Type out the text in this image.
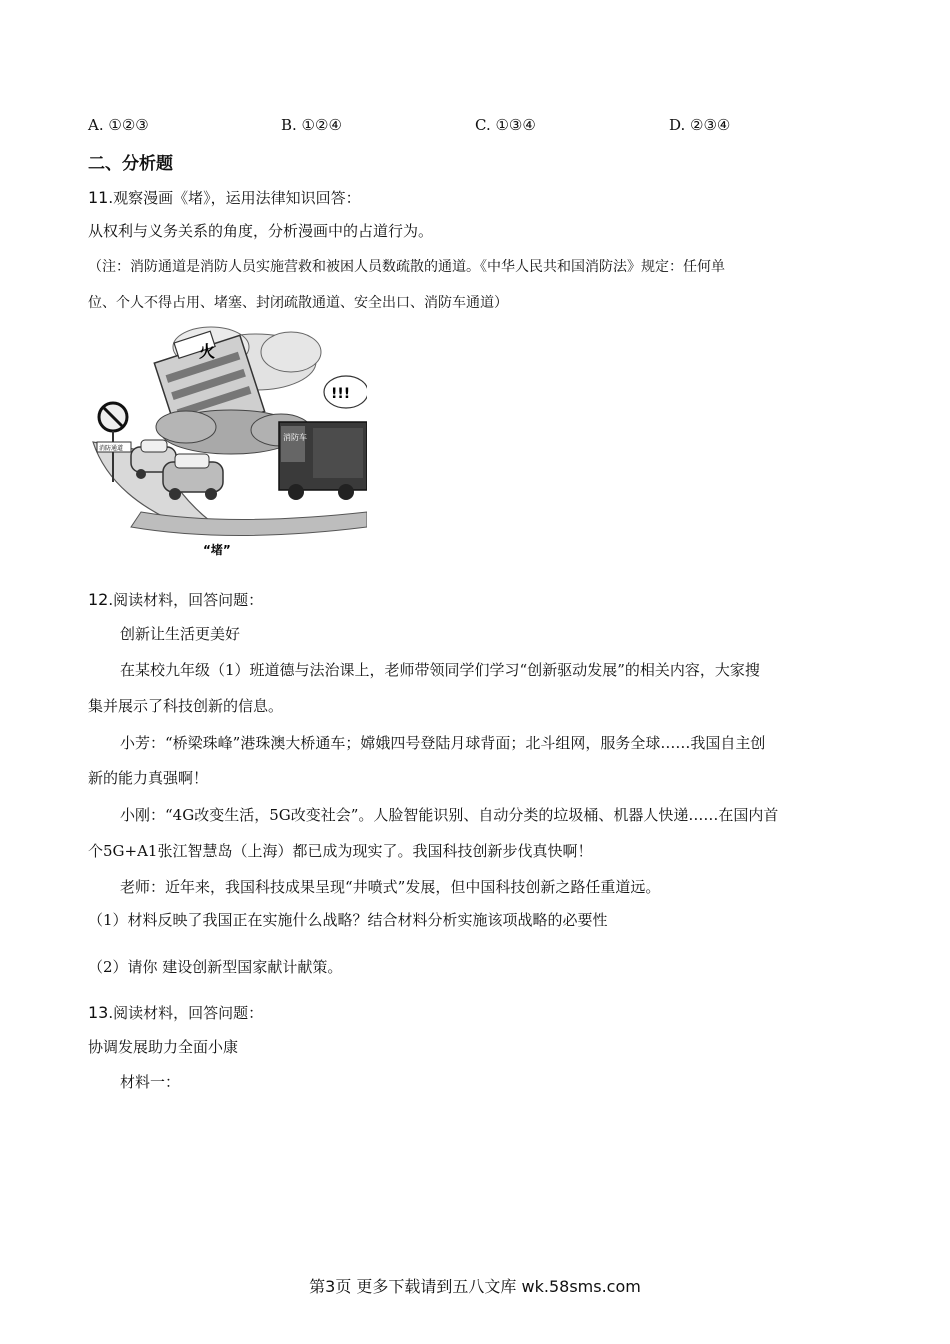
A. ①②③	B. ①②④	C. ①③④	D. ②③④
二、分析题
11.观察漫画《堵》，运用法律知识回答：
从权利与义务关系的角度，分析漫画中的占道行为。
（注：消防通道是消防人员实施营救和被困人员数疏散的通道。《中华人民共和国消防法》规定：任何单
位、个人不得占用、堵塞、封闭疏散通道、安全出口、消防车通道）
火
!!!
消防车
消防通道
“堵”
12.阅读材料，回答问题：
创新让生活更美好
在某校九年级（1）班道德与法治课上，老师带领同学们学习“创新驱动发展”的相关内容，大家搜
集并展示了科技创新的信息。
小芳：“桥梁珠峰”港珠澳大桥通车；嫦娥四号登陆月球背面；北斗组网，服务全球……我国自主创
新的能力真强啊！
小刚：“4G改变生活，5G改变社会”。人脸智能识别、自动分类的垃圾桶、机器人快递……在国内首
个5G+A1张江智慧岛（上海）都已成为现实了。我国科技创新步伐真快啊！
老师：近年来，我国科技成果呈现“井喷式”发展，但中国科技创新之路任重道远。
（1）材料反映了我国正在实施什么战略？结合材料分析实施该项战略的必要性
（2）请你 建设创新型国家献计献策。
13.阅读材料，回答问题：
协调发展助力全面小康
材料一：
第3页 更多下载请到五八文库 wk.58sms.com
